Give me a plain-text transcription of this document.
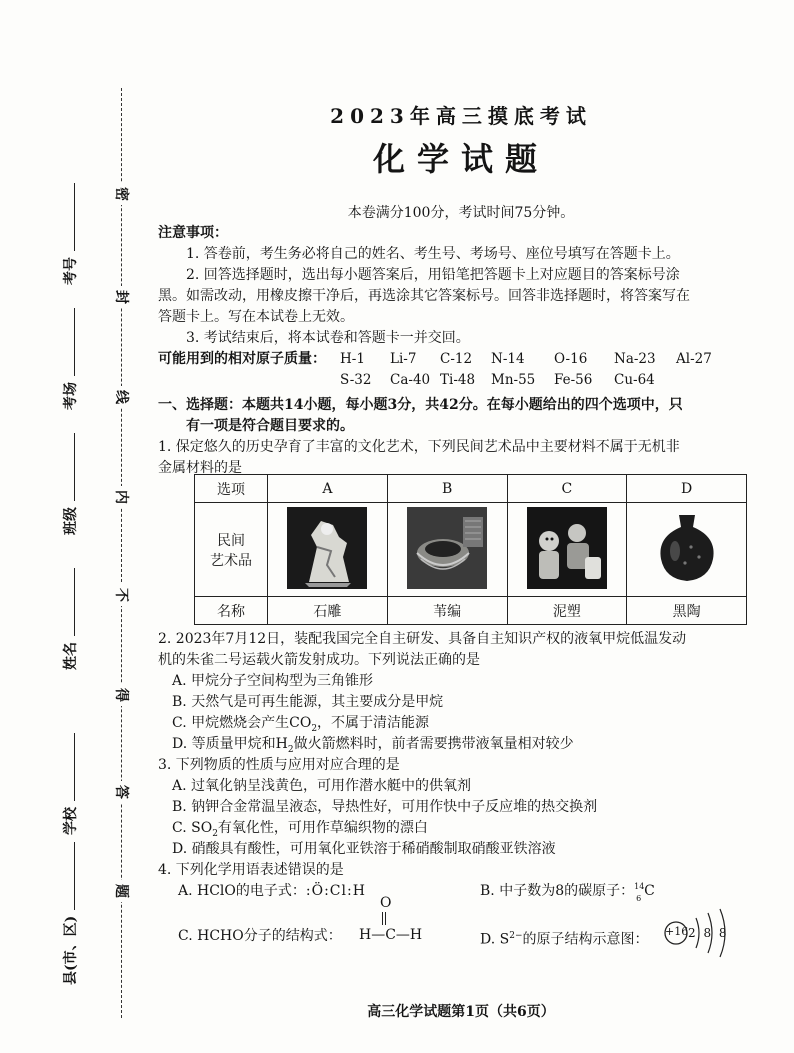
密
封
线
内
不
得
答
题
考号
考场
班级
姓名
学校
县(市、区)
2023年高三摸底考试
化学试题
本卷满分100分，考试时间75分钟。
注意事项：
1. 答卷前，考生务必将自己的姓名、考生号、考场号、座位号填写在答题卡上。
2. 回答选择题时，选出每小题答案后，用铅笔把答题卡上对应题目的答案标号涂
黑。如需改动，用橡皮擦干净后，再选涂其它答案标号。回答非选择题时，将答案写在
答题卡上。写在本试卷上无效。
3. 考试结束后，将本试卷和答题卡一并交回。
可能用到的相对原子质量： H-1 Li-7 C-12 N-14 O-16 Na-23 Al-27
S-32 Ca-40 Ti-48 Mn-55 Fe-56 Cu-64
一、选择题：本题共14小题，每小题3分，共42分。在每小题给出的四个选项中，只
有一项是符合题目要求的。
1. 保定悠久的历史孕育了丰富的文化艺术，下列民间艺术品中主要材料不属于无机非
金属材料的是
选项	A	B	C	D
民间
艺术品				
名称	石雕	苇编	泥塑	黑陶
2. 2023年7月12日，装配我国完全自主研发、具备自主知识产权的液氧甲烷低温发动
机的朱雀二号运载火箭发射成功。下列说法正确的是
A. 甲烷分子空间构型为三角锥形
B. 天然气是可再生能源，其主要成分是甲烷
C. 甲烷燃烧会产生$CO_2$，不属于清洁能源
D. 等质量甲烷和$H_2$做火箭燃料时，前者需要携带液氧量相对较少
3. 下列物质的性质与应用对应合理的是
A. 过氧化钠呈浅黄色，可用作潜水艇中的供氧剂
B. 钠钾合金常温呈液态，导热性好，可用作快中子反应堆的热交换剂
C. $SO_2$有氧化性，可用作草编织物的漂白
D. 硝酸具有酸性，可用氧化亚铁溶于稀硝酸制取硝酸亚铁溶液
4. 下列化学用语表述错误的是
A. HClO的电子式：:Ö:Cl:H	B. 中子数为8的碳原子： 14
6 C
C. HCHO分子的结构式：
O
H—C—H	D. $S^{2-}$的原子结构示意图：
+16 2 8 8
高三化学试题第1页（共6页）
